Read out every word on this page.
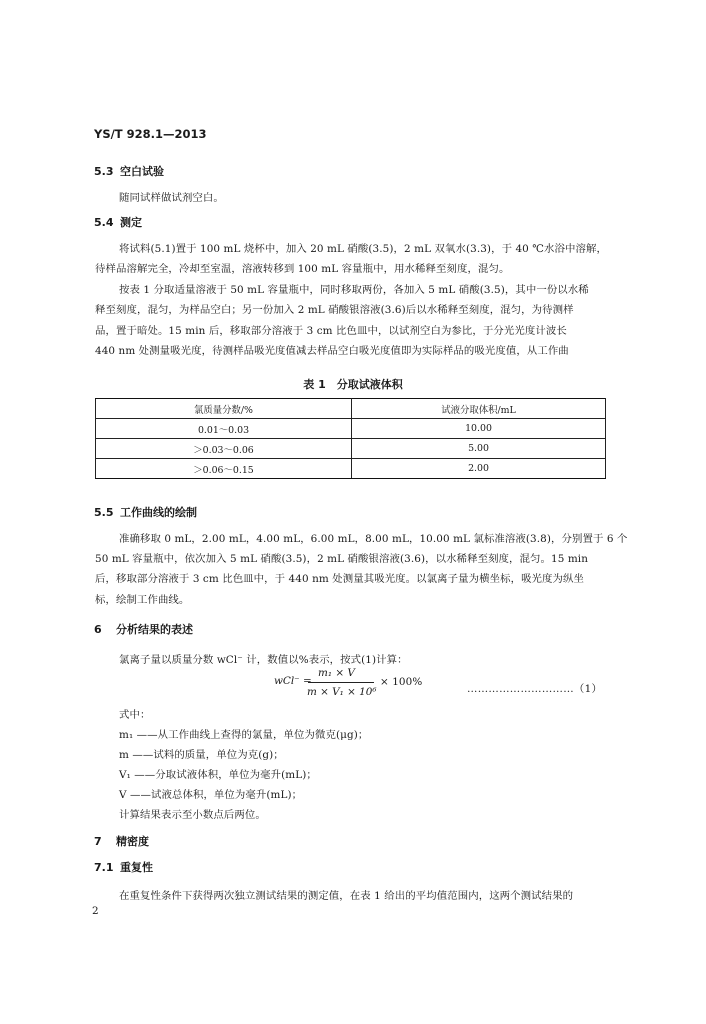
YS/T 928.1—2013
5.3 空白试验
随同试样做试剂空白。
5.4 测定
将试料(5.1)置于 100 mL 烧杯中，加入 20 mL 硝酸(3.5)，2 mL 双氧水(3.3)，于 40 ℃水浴中溶解，
待样品溶解完全，冷却至室温，溶液转移到 100 mL 容量瓶中，用水稀释至刻度，混匀。
按表 1 分取适量溶液于 50 mL 容量瓶中，同时移取两份，各加入 5 mL 硝酸(3.5)，其中一份以水稀
释至刻度，混匀，为样品空白；另一份加入 2 mL 硝酸银溶液(3.6)后以水稀释至刻度，混匀，为待测样
品，置于暗处。15 min 后，移取部分溶液于 3 cm 比色皿中，以试剂空白为参比，于分光光度计波长
440 nm 处测量吸光度，待测样品吸光度值减去样品空白吸光度值即为实际样品的吸光度值，从工作曲
表 1　分取试液体积
氯质量分数/%	试液分取体积/mL
0.01～0.03	10.00
＞0.03～0.06	5.00
＞0.06～0.15	2.00
5.5 工作曲线的绘制
准确移取 0 mL，2.00 mL，4.00 mL，6.00 mL，8.00 mL，10.00 mL 氯标准溶液(3.8)，分别置于 6 个
50 mL 容量瓶中，依次加入 5 mL 硝酸(3.5)，2 mL 硝酸银溶液(3.6)，以水稀释至刻度，混匀。15 min
后，移取部分溶液于 3 cm 比色皿中，于 440 nm 处测量其吸光度。以氯离子量为横坐标，吸光度为纵坐
标，绘制工作曲线。
6 分析结果的表述
氯离子量以质量分数 wCl⁻ 计，数值以%表示，按式(1)计算：
wCl⁻ =
m₁ × V
m × V₁ × 10⁶
× 100%
…………………………（1）
式中：
m₁ ——从工作曲线上查得的氯量，单位为微克(μg)；
m ——试料的质量，单位为克(g)；
V₁ ——分取试液体积，单位为毫升(mL)；
V ——试液总体积，单位为毫升(mL)；
计算结果表示至小数点后两位。
7 精密度
7.1 重复性
在重复性条件下获得两次独立测试结果的测定值，在表 1 给出的平均值范围内，这两个测试结果的
2
